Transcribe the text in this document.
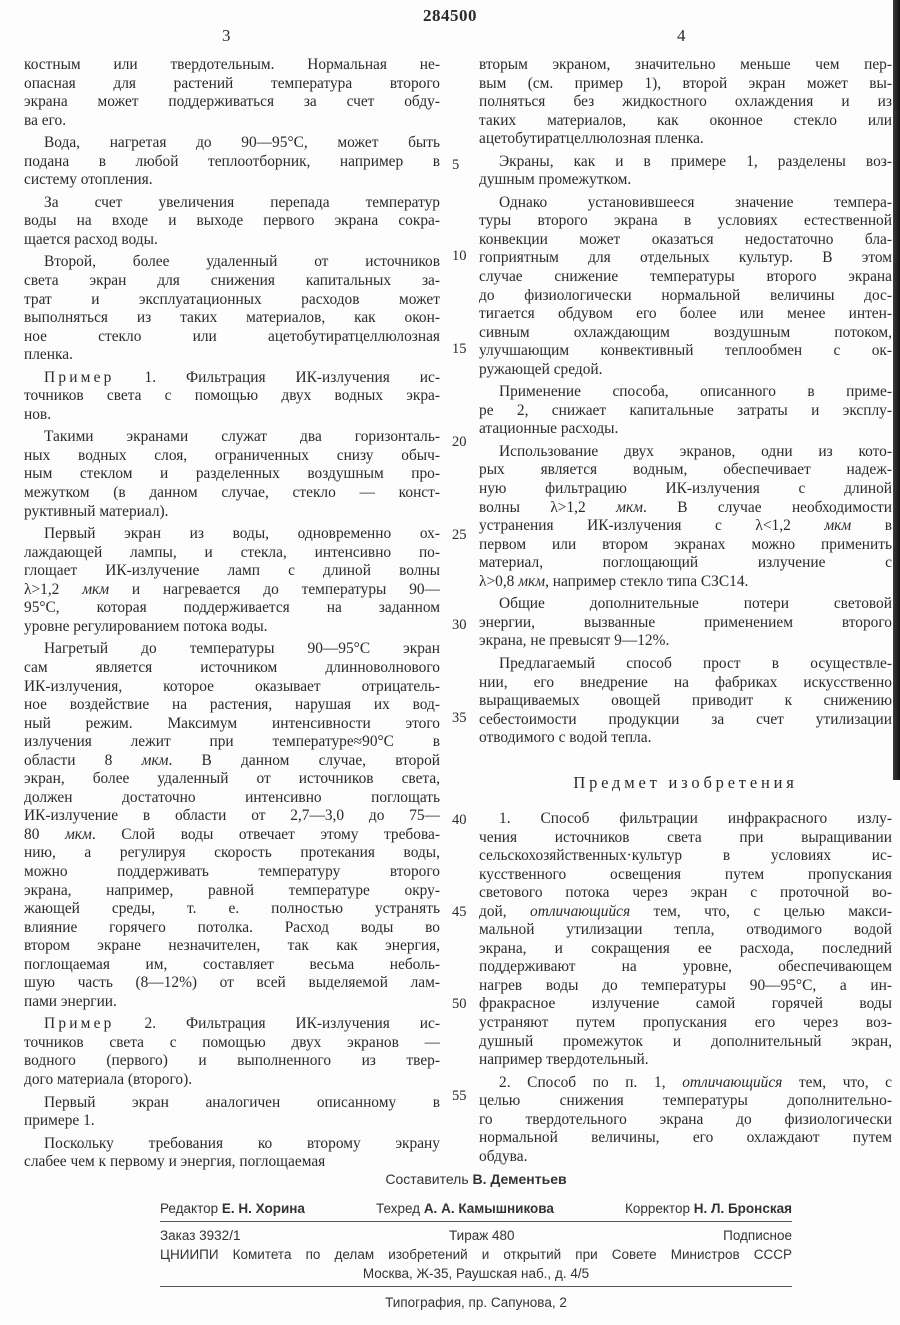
284500
3	4
костным или твердотельным. Нормальная не-
опасная для растений температура второго
экрана может поддерживаться за счет обду-
ва его.
Вода, нагретая до 90—95°С, может быть
подана в любой теплоотборник, например в
систему отопления.
За счет увеличения перепада температур
воды на входе и выходе первого экрана сокра-
щается расход воды.
Второй, более удаленный от источников
света экран для снижения капитальных за-
трат и эксплуатационных расходов может
выполняться из таких материалов, как окон-
ное стекло или ацетобутиратцеллюлозная
пленка.
Пример 1. Фильтрация ИК-излучения ис-
точников света с помощью двух водных экра-
нов.
Такими экранами служат два горизонталь-
ных водных слоя, ограниченных снизу обыч-
ным стеклом и разделенных воздушным про-
межутком (в данном случае, стекло — конст-
руктивный материал).
Первый экран из воды, одновременно ох-
лаждающей лампы, и стекла, интенсивно по-
глощает ИК-излучение ламп с длиной волны
λ>1,2 мкм и нагревается до температуры 90—
95°С, которая поддерживается на заданном
уровне регулированием потока воды.
Нагретый до температуры 90—95°С экран
сам является источником длинноволнового
ИК-излучения, которое оказывает отрицатель-
ное воздействие на растения, нарушая их вод-
ный режим. Максимум интенсивности этого
излучения лежит при температуре≈90°С в
области 8 мкм. В данном случае, второй
экран, более удаленный от источников света,
должен достаточно интенсивно поглощать
ИК-излучение в области от 2,7—3,0 до 75—
80 мкм. Слой воды отвечает этому требова-
нию, а регулируя скорость протекания воды,
можно поддерживать температуру второго
экрана, например, равной температуре окру-
жающей среды, т. е. полностью устранять
влияние горячего потолка. Расход воды во
втором экране незначителен, так как энергия,
поглощаемая им, составляет весьма неболь-
шую часть (8—12%) от всей выделяемой лам-
пами энергии.
Пример 2. Фильтрация ИК-излучения ис-
точников света с помощью двух экранов —
водного (первого) и выполненного из твер-
дого материала (второго).
Первый экран аналогичен описанному в
примере 1.
Поскольку требования ко второму экрану
слабее чем к первому и энергия, поглощаемая
вторым экраном, значительно меньше чем пер-
вым (см. пример 1), второй экран может вы-
полняться без жидкостного охлаждения и из
таких материалов, как оконное стекло или
ацетобутиратцеллюлозная пленка.
Экраны, как и в примере 1, разделены воз-
душным промежутком.
Однако установившееся значение темпера-
туры второго экрана в условиях естественной
конвекции может оказаться недостаточно бла-
гоприятным для отдельных культур. В этом
случае снижение температуры второго экрана
до физиологически нормальной величины дос-
тигается обдувом его более или менее интен-
сивным охлаждающим воздушным потоком,
улучшающим конвективный теплообмен с ок-
ружающей средой.
Применение способа, описанного в приме-
ре 2, снижает капитальные затраты и эксплу-
атационные расходы.
Использование двух экранов, одни из кото-
рых является водным, обеспечивает надеж-
ную фильтрацию ИК-излучения с длиной
волны λ>1,2 мкм. В случае необходимости
устранения ИК-излучения с λ<1,2 мкм в
первом или втором экранах можно применить
материал, поглощающий излучение с
λ>0,8 мкм, например стекло типа СЗС14.
Общие дополнительные потери световой
энергии, вызванные применением второго
экрана, не превысят 9—12%.
Предлагаемый способ прост в осуществле-
нии, его внедрение на фабриках искусственно
выращиваемых овощей приводит к снижению
себестоимости продукции за счет утилизации
отводимого с водой тепла.
Предмет изобретения
1. Способ фильтрации инфракрасного излу-
чения источников света при выращивании
сельскохозяйственных·культур в условиях ис-
кусственного освещения путем пропускания
светового потока через экран с проточной во-
дой, отличающийся тем, что, с целью макси-
мальной утилизации тепла, отводимого водой
экрана, и сокращения ее расхода, последний
поддерживают на уровне, обеспечивающем
нагрев воды до температуры 90—95°С, а ин-
фракрасное излучение самой горячей воды
устраняют путем пропускания его через воз-
душный промежуток и дополнительный экран,
например твердотельный.
2. Способ по п. 1, отличающийся тем, что, с
целью снижения температуры дополнительно-
го твердотельного экрана до физиологически
нормальной величины, его охлаждают путем
обдува.
5
10
15
20
25
30
35
40
45
50
55
Составитель В. Дементьев
Редактор Е. Н. Хорина	Техред А. А. Камышникова	Корректор Н. Л. Бронская
Заказ 3932/1	Тираж 480	Подписное
ЦНИИПИ Комитета по делам изобретений и открытий при Совете Министров СССР
Москва, Ж-35, Раушская наб., д. 4/5
Типография, пр. Сапунова, 2
